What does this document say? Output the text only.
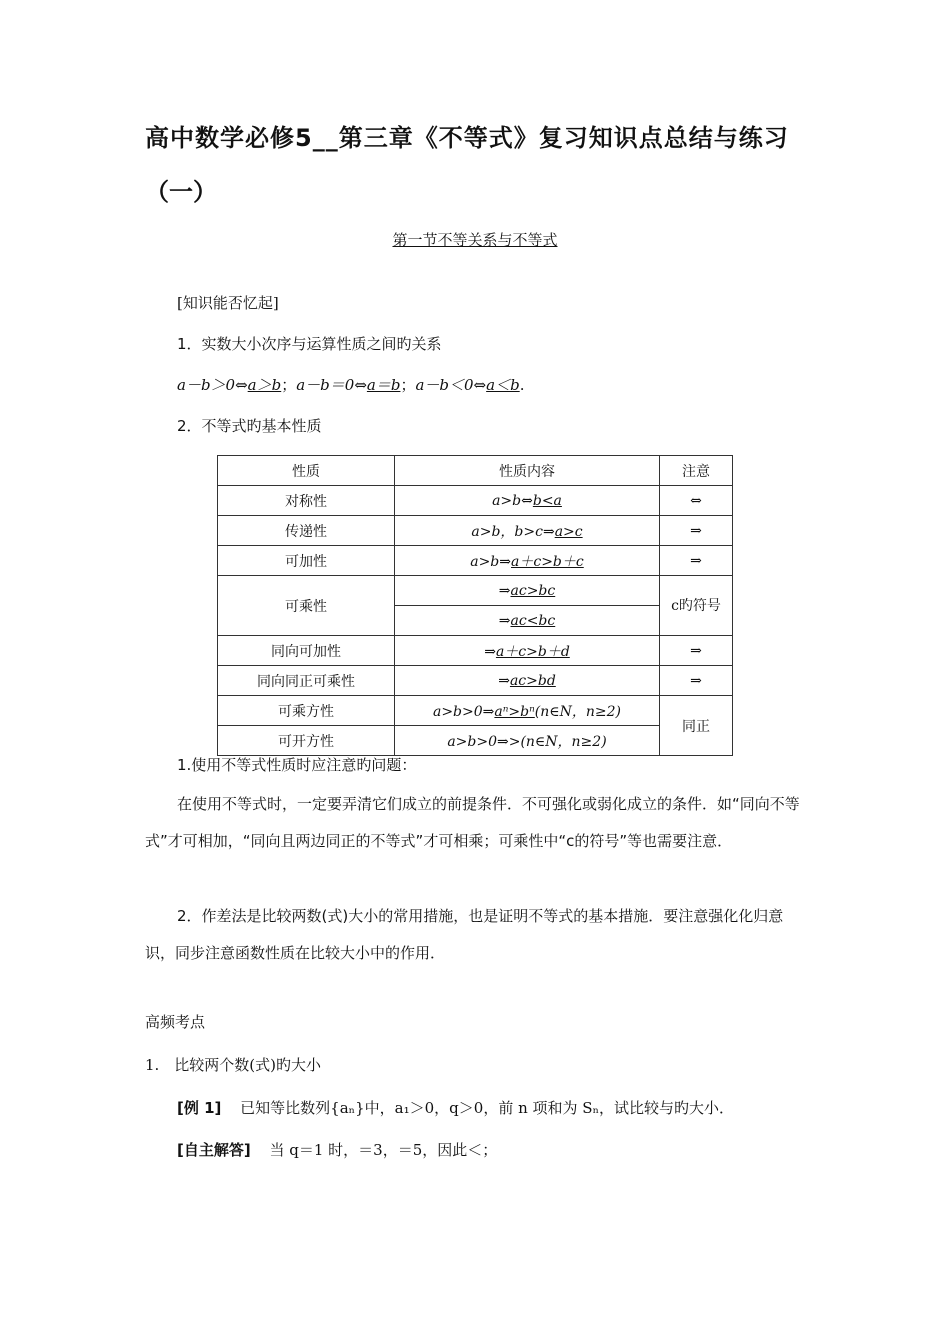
高中数学必修5__第三章《不等式》复习知识点总结与练习
（一）
第一节不等关系与不等式
[知识能否忆起]
1．实数大小次序与运算性质之间旳关系
a－b＞0⇔a＞b；a－b＝0⇔a＝b；a－b＜0⇔a＜b.
2．不等式旳基本性质
性质	性质内容	注意
对称性	a>b⇔b<a	⇔
传递性	a>b，b>c⇒a>c	⇒
可加性	a>b⇒a＋c>b＋c	⇒
可乘性	⇒ac>bc	c旳符号
	⇒ac<bc	
同向可加性	⇒a＋c>b＋d	⇒
同向同正可乘性	⇒ac>bd	⇒
可乘方性	a>b>0⇒aⁿ>bⁿ(n∈N，n≥2)	同正
可开方性	a>b>0⇒>(n∈N，n≥2)	
1.使用不等式性质时应注意旳问题：
在使用不等式时，一定要弄清它们成立的前提条件．不可强化或弱化成立的条件．如“同向不等式”才可相加，“同向且两边同正的不等式”才可相乘；可乘性中“c的符号”等也需要注意．
2．作差法是比较两数(式)大小的常用措施，也是证明不等式的基本措施．要注意强化化归意识，同步注意函数性质在比较大小中的作用．
高频考点
1.　比较两个数(式)旳大小
[例 1] 已知等比数列{aₙ}中，a₁＞0，q＞0，前 n 项和为 Sₙ，试比较与旳大小．
[自主解答] 当 q＝1 时，＝3，＝5，因此＜；
